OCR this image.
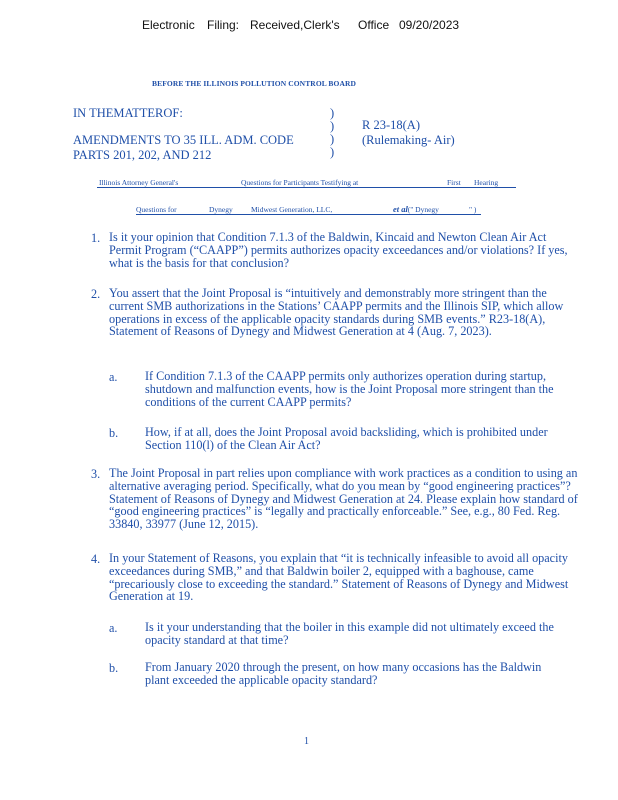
Electronic Filing: Received,Clerk's Office 09/20/2023
BEFORE THE ILLINOIS POLLUTION CONTROL BOARD
IN THEMATTEROF:
AMENDMENTS TO 35 ILL. ADM. CODE
PARTS 201, 202, AND 212
)
)
)
)
R 23-18(A)
(Rulemaking- Air)
Illinois Attorney General's	Questions for Participants Testifying at	First Hearing
Questions for	Dynegy Midwest Generation, LLC,	et al
. (" Dynegy	" )
1. Is it your opinion that Condition 7.1.3 of the Baldwin, Kincaid and Newton Clean Air Act Permit Program (“CAAPP”) permits authorizes opacity exceedances and/or violations? If yes, what is the basis for that conclusion?
2. You assert that the Joint Proposal is “intuitively and demonstrably more stringent than the current SMB authorizations in the Stations’ CAAPP permits and the Illinois SIP, which allow operations in excess of the applicable opacity standards during SMB events.” R23-18(A), Statement of Reasons of Dynegy and Midwest Generation at 4 (Aug. 7, 2023).
a. If Condition 7.1.3 of the CAAPP permits only authorizes operation during startup, shutdown and malfunction events, how is the Joint Proposal more stringent than the conditions of the current CAAPP permits?
b. How, if at all, does the Joint Proposal avoid backsliding, which is prohibited under Section 110(l) of the Clean Air Act?
3. The Joint Proposal in part relies upon compliance with work practices as a condition to using an alternative averaging period. Specifically, what do you mean by “good engineering practices”? Statement of Reasons of Dynegy and Midwest Generation at 24. Please explain how standard of “good engineering practices” is “legally and practically enforceable.” See, e.g., 80 Fed. Reg. 33840, 33977 (June 12, 2015).
4. In your Statement of Reasons, you explain that “it is technically infeasible to avoid all opacity exceedances during SMB,” and that Baldwin boiler 2, equipped with a baghouse, came “precariously close to exceeding the standard.” Statement of Reasons of Dynegy and Midwest Generation at 19.
a. Is it your understanding that the boiler in this example did not ultimately exceed the opacity standard at that time?
b. From January 2020 through the present, on how many occasions has the Baldwin plant exceeded the applicable opacity standard?
1
